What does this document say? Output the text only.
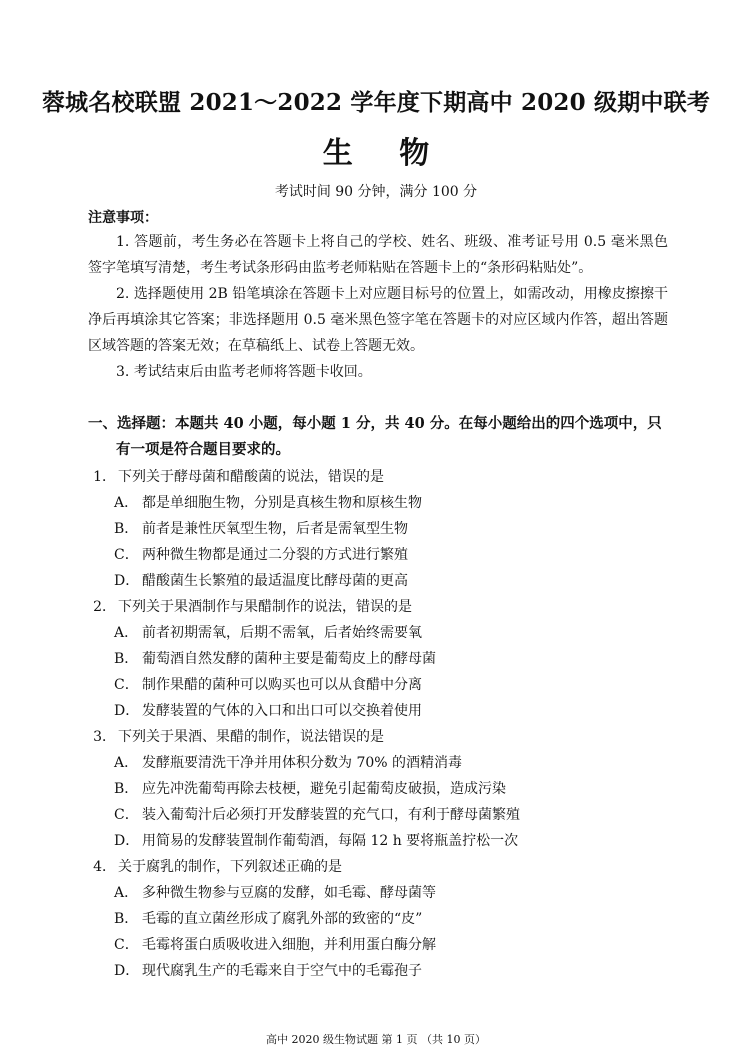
蓉城名校联盟 2021～2022 学年度下期高中 2020 级期中联考
生 物
考试时间 90 分钟，满分 100 分
注意事项：

1. 答题前，考生务必在答题卡上将自己的学校、姓名、班级、准考证号用 0.5 毫米黑色签字笔填写清楚，考生考试条形码由监考老师粘贴在答题卡上的“条形码粘贴处”。

2. 选择题使用 2B 铅笔填涂在答题卡上对应题目标号的位置上，如需改动，用橡皮擦擦干净后再填涂其它答案；非选择题用 0.5 毫米黑色签字笔在答题卡的对应区域内作答，超出答题区域答题的答案无效；在草稿纸上、试卷上答题无效。

3. 考试结束后由监考老师将答题卡收回。

一、选择题：本题共 40 小题，每小题 1 分，共 40 分。在每小题给出的四个选项中，只
有一项是符合题目要求的。
1． 下列关于酵母菌和醋酸菌的说法，错误的是
A． 都是单细胞生物，分别是真核生物和原核生物
B． 前者是兼性厌氧型生物，后者是需氧型生物
C． 两种微生物都是通过二分裂的方式进行繁殖
D． 醋酸菌生长繁殖的最适温度比酵母菌的更高
2． 下列关于果酒制作与果醋制作的说法，错误的是
A． 前者初期需氧，后期不需氧，后者始终需要氧
B． 葡萄酒自然发酵的菌种主要是葡萄皮上的酵母菌
C． 制作果醋的菌种可以购买也可以从食醋中分离
D． 发酵装置的气体的入口和出口可以交换着使用
3． 下列关于果酒、果醋的制作，说法错误的是
A． 发酵瓶要清洗干净并用体积分数为 70% 的酒精消毒
B． 应先冲洗葡萄再除去枝梗，避免引起葡萄皮破损，造成污染
C． 装入葡萄汁后必须打开发酵装置的充气口，有利于酵母菌繁殖
D． 用简易的发酵装置制作葡萄酒，每隔 12 h 要将瓶盖拧松一次
4． 关于腐乳的制作，下列叙述正确的是
A． 多种微生物参与豆腐的发酵，如毛霉、酵母菌等
B． 毛霉的直立菌丝形成了腐乳外部的致密的“皮”
C． 毛霉将蛋白质吸收进入细胞，并利用蛋白酶分解
D． 现代腐乳生产的毛霉来自于空气中的毛霉孢子
高中 2020 级生物试题 第 1 页 （共 10 页）
